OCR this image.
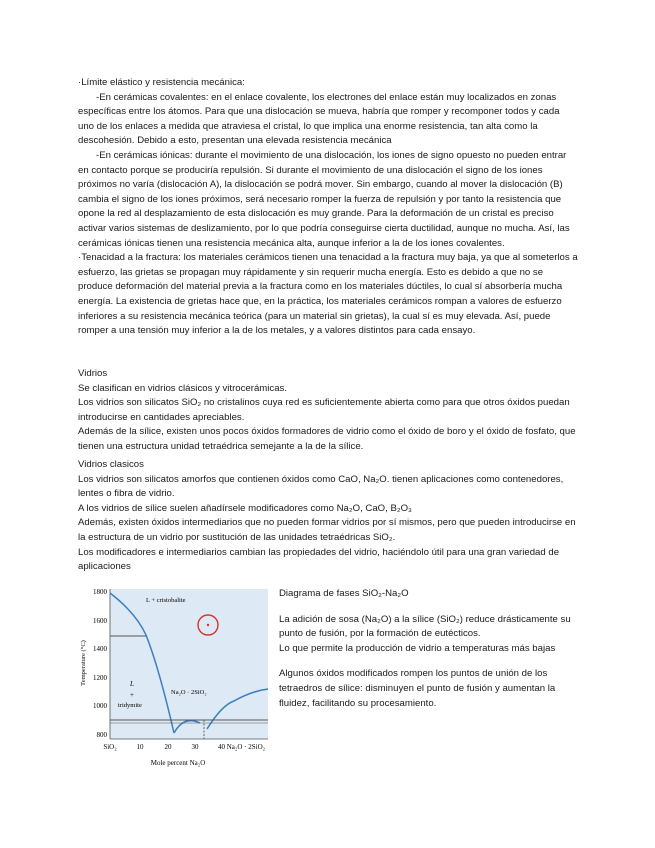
·Límite elástico y resistencia mecánica:

-En cerámicas covalentes: en el enlace covalente, los electrones del enlace están muy localizados en zonas específicas entre los átomos. Para que una dislocación se mueva, habría que romper y recomponer todos y cada uno de los enlaces a medida que atraviesa el cristal, lo que implica una enorme resistencia, tan alta como la descohesión. Debido a esto, presentan una elevada resistencia mecánica

-En cerámicas iónicas: durante el movimiento de una dislocación, los iones de signo opuesto no pueden entrar en contacto porque se produciría repulsión. Si durante el movimiento de una dislocación el signo de los iones próximos no varía (dislocación A), la dislocación se podrá mover. Sin embargo, cuando al mover la dislocación (B) cambia el signo de los iones próximos, será necesario romper la fuerza de repulsión y por tanto la resistencia que opone la red al desplazamiento de esta dislocación es muy grande. Para la deformación de un cristal es preciso activar varios sistemas de deslizamiento, por lo que podría conseguirse cierta ductilidad, aunque no mucha. Así, las cerámicas iónicas tienen una resistencia mecánica alta, aunque inferior a la de los iones covalentes.

·Tenacidad a la fractura: los materiales cerámicos tienen una tenacidad a la fractura muy baja, ya que al someterlos a esfuerzo, las grietas se propagan muy rápidamente y sin requerir mucha energía. Esto es debido a que no se produce deformación del material previa a la fractura como en los materiales dúctiles, lo cual sí absorbería mucha energía. La existencia de grietas hace que, en la práctica, los materiales cerámicos rompan a valores de esfuerzo inferiores a su resistencia mecánica teórica (para un material sin grietas), la cual sí es muy elevada. Así, puede romper a una tensión muy inferior a la de los metales, y a valores distintos para cada ensayo.

Vidrios

Se clasifican en vidrios clásicos y vitrocerámicas.

Los vidrios son silicatos SiO₂ no cristalinos cuya red es suficientemente abierta como para que otros óxidos puedan introducirse en cantidades apreciables.

Además de la sílice, existen unos pocos óxidos formadores de vidrio como el óxido de boro y el óxido de fosfato, que tienen una estructura unidad tetraédrica semejante a la de la sílice.

Vidrios clasicos

Los vidrios son silicatos amorfos que contienen óxidos como CaO, Na₂O. tienen aplicaciones como contenedores, lentes o fibra de vidrio.

A los vidrios de sílice suelen añadírsele modificadores como Na₂O, CaO, B₂O₃

Además, existen óxidos intermediarios que no pueden formar vidrios por sí mismos, pero que pueden introducirse en la estructura de un vidrio por sustitución de las unidades tetraédricas SiO₂.

Los modificadores e intermediarios cambian las propiedades del vidrio, haciéndolo útil para una gran variedad de aplicaciones

1800
1600
1400
1200
1000
800
Temperature (°C)
SiO₂	10	20	30	40 Na₂O · 2SiO₂
Mole percent Na₂O
L + cristobalite
L
+
tridymite
Na₂O · 2SiO₂

Diagrama de fases SiO₂-Na₂O

La adición de sosa (Na₂O) a la sílice (SiO₂) reduce drásticamente su punto de fusión, por la formación de eutécticos.

Lo que permite la producción de vidrio a temperaturas más bajas

Algunos óxidos modificados rompen los puntos de unión de los tetraedros de sílice: disminuyen el punto de fusión y aumentan la fluidez, facilitando su procesamiento.
